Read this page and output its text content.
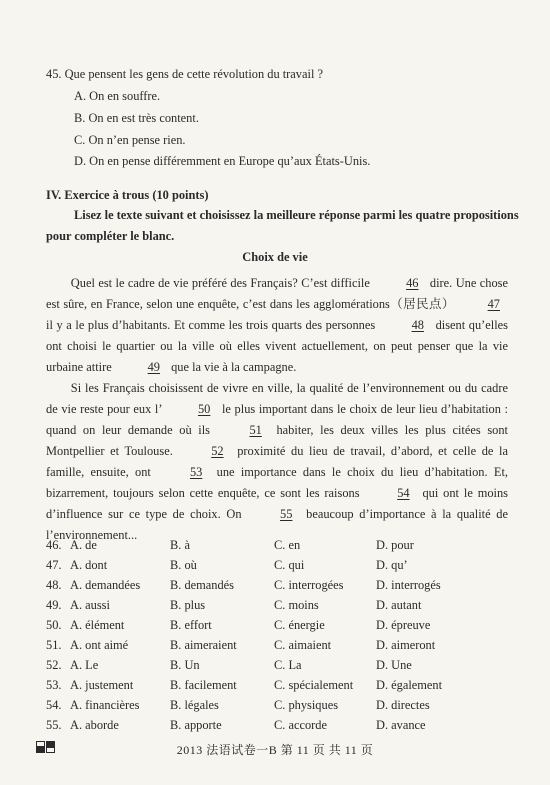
45. Que pensent les gens de cette révolution du travail ?
A. On en souffre.
B. On en est très content.
C. On n’en pense rien.
D. On en pense différemment en Europe qu’aux États-Unis.
IV. Exercice à trous (10 points)
Lisez le texte suivant et choisissez la meilleure réponse parmi les quatre propositions
pour compléter le blanc.
Choix de vie

Quel est le cadre de vie préféré des Français? C’est difficile	46 dire. Une chose est sûre, en France, selon une enquête, c’est dans les agglomérations（居民点）	47 il y a le plus d’habitants. Et comme les trois quarts des personnes	48 disent qu’elles ont choisi le quartier ou la ville où elles vivent actuellement, on peut penser que la vie urbaine attire	49 que la vie à la campagne.

Si les Français choisissent de vivre en ville, la qualité de l’environnement ou du cadre de vie reste pour eux l’	50 le plus important dans le choix de leur lieu d’habitation : quand on leur demande où ils	51 habiter, les deux villes les plus citées sont Montpellier et Toulouse.	52 proximité du lieu de travail, d’abord, et celle de la famille, ensuite, ont	53 une importance dans le choix du lieu d’habitation. Et, bizarrement, toujours selon cette enquête, ce sont les raisons	54 qui ont le moins d’influence sur ce type de choix. On	55 beaucoup d’importance à la qualité de l’environnement...

46. A. de	B. à	C. en	D. pour
47. A. dont	B. où	C. qui	D. qu’
48. A. demandées B. demandés	C. interrogées	D. interrogés
49. A. aussi	B. plus	C. moins	D. autant
50. A. élément	B. effort	C. énergie	D. épreuve
51. A. ont aimé	B. aimeraient	C. aimaient	D. aimeront
52. A. Le	B. Un	C. La	D. Une
53. A. justement	B. facilement	C. spécialement D. également
54. A. financières B. légales	C. physiques	D. directes
55. A. aborde	B. apporte	C. accorde	D. avance
2013 法语试卷一B 第 11 页 共 11 页
